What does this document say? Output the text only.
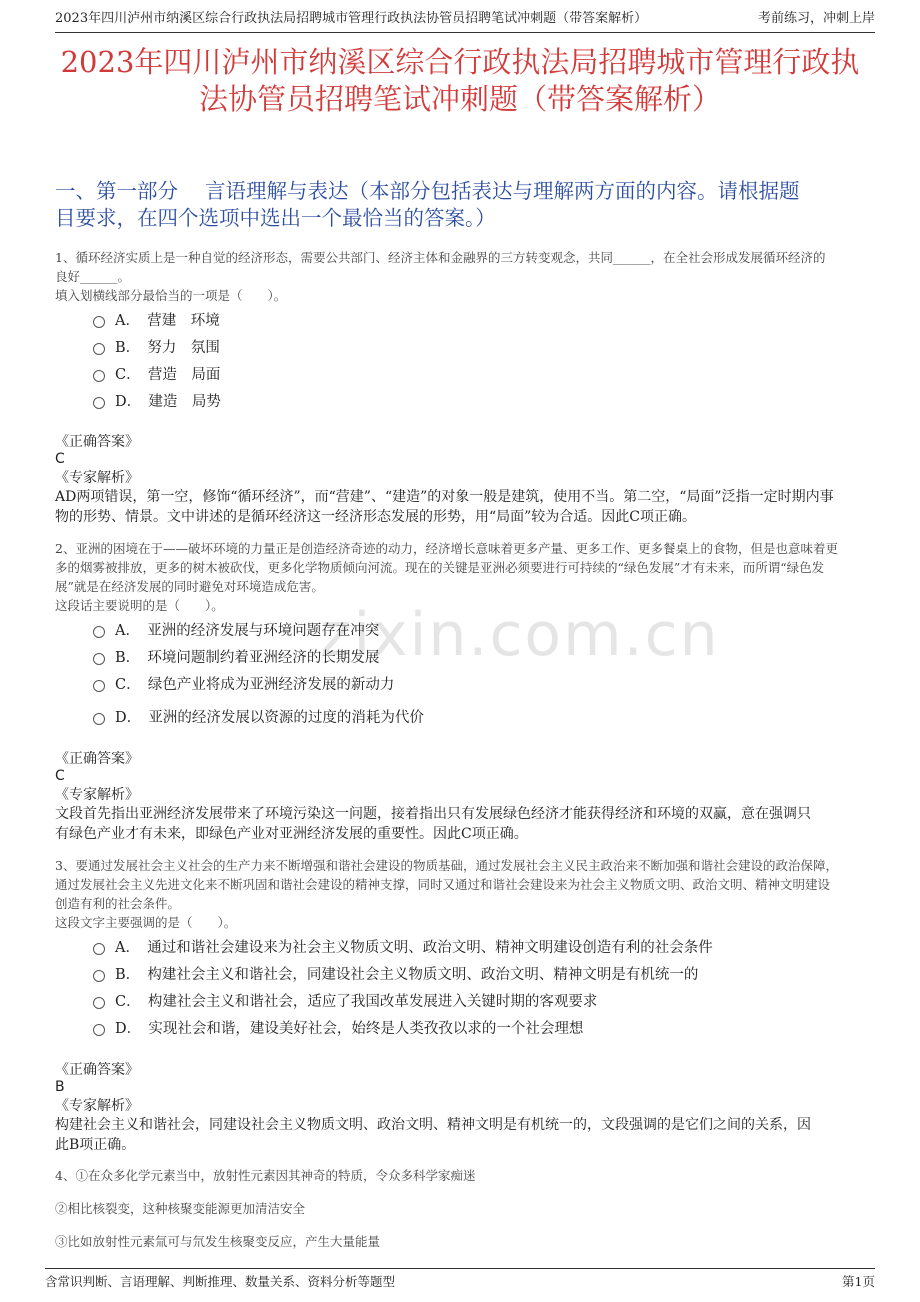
2023年四川泸州市纳溪区综合行政执法局招聘城市管理行政执法协管员招聘笔试冲刺题（带答案解析）	考前练习，冲刺上岸
2023年四川泸州市纳溪区综合行政执法局招聘城市管理行政执
法协管员招聘笔试冲刺题（带答案解析）
一、第一部分　 言语理解与表达（本部分包括表达与理解两方面的内容。请根据题
目要求，在四个选项中选出一个最恰当的答案。）
zixin.com.cn
1、循环经济实质上是一种自觉的经济形态，需要公共部门、经济主体和金融界的三方转变观念，共同______，在全社会形成发展循环经济的
良好______。
填入划横线部分最恰当的一项是（　　）。
A．　营建　环境
B．　努力　氛围
C．　营造　局面
D．　建造　局势
《正确答案》
C
《专家解析》
AD两项错误，第一空，修饰“循环经济”，而“营建”、“建造”的对象一般是建筑，使用不当。第二空，“局面”泛指一定时期内事
物的形势、情景。文中讲述的是循环经济这一经济形态发展的形势，用“局面”较为合适。因此C项正确。
2、亚洲的困境在于——破坏环境的力量正是创造经济奇迹的动力，经济增长意味着更多产量、更多工作、更多餐桌上的食物，但是也意味着更
多的烟雾被排放，更多的树木被砍伐，更多化学物质倾向河流。现在的关键是亚洲必须要进行可持续的“绿色发展”才有未来，而所谓“绿色发
展”就是在经济发展的同时避免对环境造成危害。
这段话主要说明的是（　　）。
A．　亚洲的经济发展与环境问题存在冲突
B．　环境问题制约着亚洲经济的长期发展
C．　绿色产业将成为亚洲经济发展的新动力
D．　亚洲的经济发展以资源的过度的消耗为代价
《正确答案》
C
《专家解析》
文段首先指出亚洲经济发展带来了环境污染这一问题，接着指出只有发展绿色经济才能获得经济和环境的双赢，意在强调只
有绿色产业才有未来，即绿色产业对亚洲经济发展的重要性。因此C项正确。
3、要通过发展社会主义社会的生产力来不断增强和谐社会建设的物质基础，通过发展社会主义民主政治来不断加强和谐社会建设的政治保障，
通过发展社会主义先进文化来不断巩固和谐社会建设的精神支撑，同时又通过和谐社会建设来为社会主义物质文明、政治文明、精神文明建设
创造有利的社会条件。
这段文字主要强调的是（　　）。
A．　通过和谐社会建设来为社会主义物质文明、政治文明、精神文明建设创造有利的社会条件
B．　构建社会主义和谐社会，同建设社会主义物质文明、政治文明、精神文明是有机统一的
C．　构建社会主义和谐社会，适应了我国改革发展进入关键时期的客观要求
D．　实现社会和谐，建设美好社会，始终是人类孜孜以求的一个社会理想
《正确答案》
B
《专家解析》
构建社会主义和谐社会，同建设社会主义物质文明、政治文明、精神文明是有机统一的，文段强调的是它们之间的关系，因
此B项正确。
4、①在众多化学元素当中，放射性元素因其神奇的特质，令众多科学家痴迷
②相比核裂变，这种核聚变能源更加清洁安全
③比如放射性元素氚可与氘发生核聚变反应，产生大量能量
含常识判断、言语理解、判断推理、数量关系、资料分析等题型	第1页
